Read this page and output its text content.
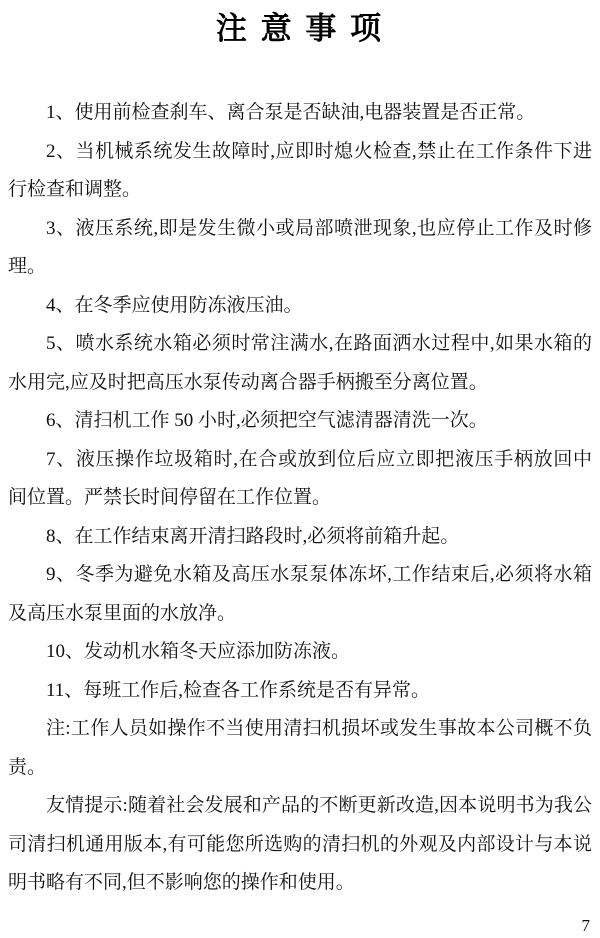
注 意 事 项

1、使用前检查刹车、离合泵是否缺油,电器装置是否正常。

2、当机械系统发生故障时,应即时熄火检查,禁止在工作条件下进行检查和调整。

3、液压系统,即是发生微小或局部喷泄现象,也应停止工作及时修理。

4、在冬季应使用防冻液压油。

5、喷水系统水箱必须时常注满水,在路面洒水过程中,如果水箱的水用完,应及时把高压水泵传动离合器手柄搬至分离位置。

6、清扫机工作 50 小时,必须把空气滤清器清洗一次。

7、液压操作垃圾箱时,在合或放到位后应立即把液压手柄放回中间位置。严禁长时间停留在工作位置。

8、在工作结束离开清扫路段时,必须将前箱升起。

9、冬季为避免水箱及高压水泵泵体冻坏,工作结束后,必须将水箱及高压水泵里面的水放净。

10、发动机水箱冬天应添加防冻液。

11、每班工作后,检查各工作系统是否有异常。

注:工作人员如操作不当使用清扫机损坏或发生事故本公司概不负责。

友情提示:随着社会发展和产品的不断更新改造,因本说明书为我公司清扫机通用版本,有可能您所选购的清扫机的外观及内部设计与本说明书略有不同,但不影响您的操作和使用。

7
